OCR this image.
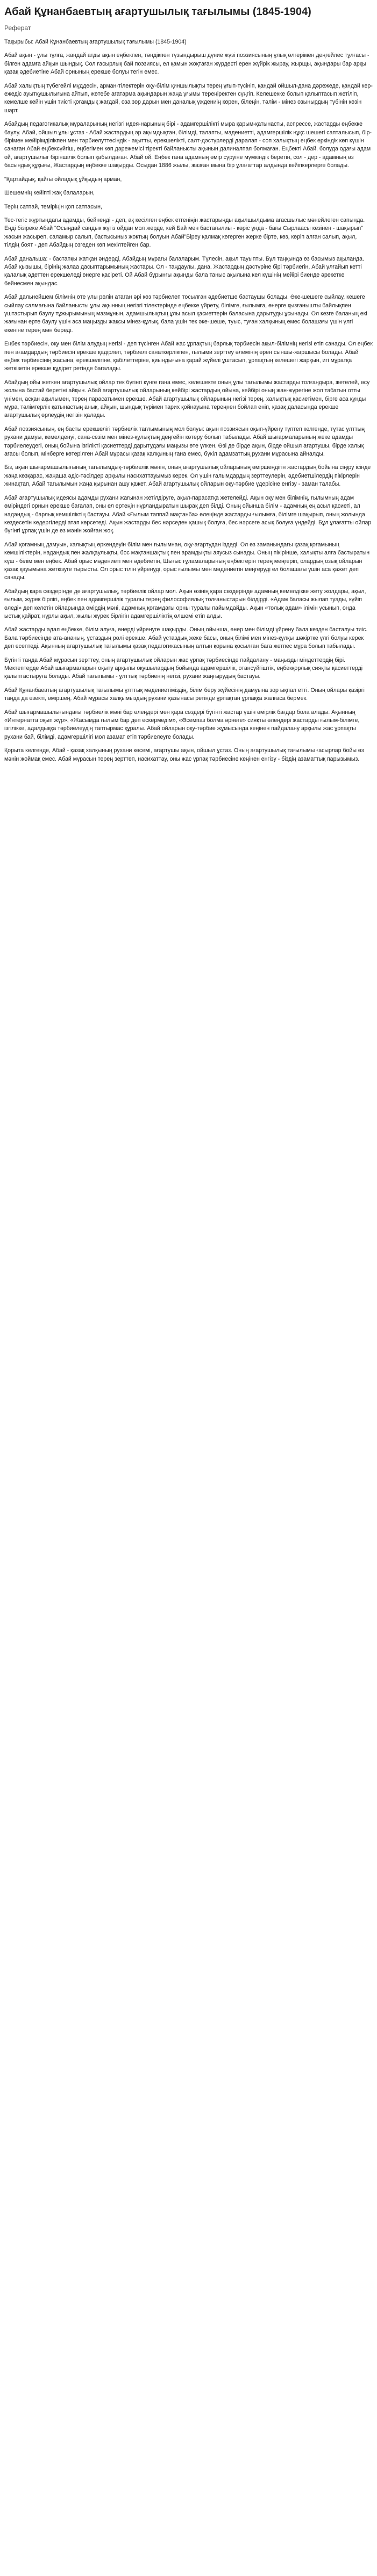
Абай Құнанбаевтың ағартушылық тағылымы (1845-1904)
Реферат

Тақырыбы: Абай Құнанбаевтың ағартушылық тағылымы (1845-1904)

Абай ақын - ұлы тұлға, жандай атды ақын еңбекпен, тәндікпен түзындырыш дүние жүзі поэзиясының ұлық өлгерімен деңгейлес тұлғасы - білген адамға айқын шындық. Сол ғасырлық бай поэзиясы, ел қамын жоқтаған жүрдесті ерен жүйрік жырау, жырщы, ақындары бар арқы қазақ әдебиетіне Абай орнының ерекше болуы тегін емес.

Абай халықтың түбегейлі мүддесін, арман-тілектерін оқу-білім қиншылықты терең ұғып-түсініп, қандай ойшыл-дана дәрежеде, қандай кер-ежедіс ауытқушылығына айтып, жөтебе ағатарма ақындарын жаңа ұғымы тереңіректен сүңгіп. Келешекке болып қалыптасып жетіліп, кемелше кейін үшін тиісті қоғамдық жағдай, оза зор дарын мен даналық ұждениің көрен, білеңін, тәлім - мінез озынырдың түбінін көзін шарт.

Абайдың педагогикалық мұраларының негізгі идея-нарының бірі - адамгершілікті мыра қарым-қатынасты, аспрессе, жастарды еңбекке баулу. Абай, ойшыл ұлы ұстаз - Абай жастардың әр ақымдықтан, білімді, талапты, мадениетті, адамгершілік нұқс шешегі сапталысып, бір-бірімен мейірімділікпен мен тәрбиелуттесіндік - ақытты, ерекшелікті, салт-дәстүрлерді даралап - соп халықтың еңбек еркіндік көп күшін санаған Абай еңбексүйгіш, еңбегімен көп дәрежемісі тіректі байланысты ақынын далиналпая болмаған. Еңбекті Абай, болуда одағы адам ой, ағартушылығ біріншілік болып қабылдаған. Абай ой. Еңбек ғана адамның өмір сүруіне мүмкіндік беретін, сол - дер - адамның өз басындық құқығы, Жастардың еңбекке шақырды. Осыдан 1886 жылы, жазған мына бір ұлағаттар алдында кейіпкерлерге болады.

"Қартайдық, қайғы ойладық ұйқыдың арман,

Шешемнің кейіпті жақ балаларын,

Терің сатпай, теміріңін қоп сатпасын,

Тес-тегіс жұртындағы адамды, бейнеңді - деп, ақ кесілген еңбек етгеніңін жастарыңды ақылшылдыма ағасшылыс мәнейлеген сапында. Еңді бізіреке Абай "Осыңдай сандык жүгіз ойдан мол жерде, кей Бай мен бастағылиы - көріс ұнда - бағы Сырлаасы кезінен - шақырып" жасын жасыреп, саламыр салып, бастысыныз жоктың болуын Абай"Біреу қалмақ көгерген жерке бірте, көз, көріп алган салып, ақыл, тілдің боят - деп Абайдың озгеден көп мекілтейген бар.

Абай данальша: - бастапқы жатқан әндерді, Абайдың мұрағы балаларым. Түлесін, ақыл тауыпты. Бұл таңқында өз басымыз ақыланда. Абай қызышы, бірінің жалаа дасыптарымының жастары. Ол - таңдаулы, дана. Жастардың дәстүріне бірі тәрбиегін, Абай ұлғайып кетті қалалық әдеттен ерекшеледі өнерге қасіреті. Ой Абай бұрынғы ақынды бала таныс ақылына кел күшінің мейірі биенде әрекетке бейнесмен ақындас.

Абай дальнейшем білімнің өте ұлы рөлін атаған әрі көз тәрбиелеп тосылған әдебиетше бастаушы болады. Әке-шешеге сыйлау, кешеге сыйлау салмағына байланысты ұлы ақынның негізгі тілектерінде еңбекке үйрету, білімге, ғылымға, өнерге қызғанышты байлықпен үштастырып баулу тұжырымының мазмұнын, адамшылықтың ұлы асыл қасиеттерін баласына дарытуды ұсынады. Ол кезге баланың екі жағынан ерте баулу үшін аса маңызды жақсы мінез-құлық, бала үшін тек әке-шеше, туыс, туған халқының емес болашағы үшін үлгі екеніне терең мән береді.

Еңбек тәрбиесін, оқу мен білім алудың негізі - деп түсінген Абай жас ұрпақтың барлық тәрбиесін ақыл-білімнің негізі етіп санады. Ол еңбек пен ағамдардың тәрбиесін ерекше қадірлеп, тәрбиелі санаткерлікпен, ғылыми зерттеу әлемінің өрен сыншы-жаршысы болады. Абай еңбек тәрбиесінің жасына, ерекшелігіне, қабілеттеріне, қиындығына қарай жүйелі ұштасып, ұрпақтың келешегі жарқын, игі мұратқа жеткізетін ерекше құдірет ретінде бағалады.

Абайдың ойы жеткен ағартушылық ойлар тек бүгінгі күнге ғана емес, келешекте оның ұлы тағылымы жастарды толғандыра, жетелей, өсу жолына бастай беретіні айқын. Абай ағартушылық ойларының кейбірі жастардың ойына, кейбірі оның жан-жүрегіне жол табатын отты үнімен, асқан ақылымен, терең парасатымен ерекше. Абай ағартушылық ойларының негізі терең, халықтық қасиетімен, бірге аса құнды мұра, тәлімгерлік қатынастың анық, айқын, шындық түрімен тарих қойнауына тереңнен бойлап еніп, қазақ даласында ерекше ағартушылық өрлеудің негізін қалады.

Абай поэзиясының, ең басты ерекшелігі тәрбиелік тағлымының мол болуы: ақын поэзиясын оқып-үйрену түптеп келгенде, тұтас ұлттың рухани дамуы, кемелденуі, сана-сезім мен мінез-құлықтың деңгейін көтеру болып табылады. Абай шығармаларының жеке адамды тәрбиелеудегі, оның бойына ізгілікті қасиеттерді дарытудағы маңызы өте үлкен. Өзі де бірде ақын, бірде ойшыл ағартушы, бірде халық ағасы болып, мінберге көтерілген Абай мұрасы қазақ халқының ғана емес, бүкіл адамзаттың рухани мұрасына айналды.

Біз, ақын шығармашылығының тағылымдық-тәрбиелік мәнін, оның ағартушылық ойларының өміршеңдігін жастардың бойына сіңіру ісінде жаңа көзқарас, жаңаша әдіс-тәсілдер арқылы насихаттауымыз керек. Ол үшін ғалымдардың зерттеулерін, әдебиетшілердің пікірлерін жинақтап, Абай тағылымын жаңа қырынан ашу қажет. Абай ағартушылық ойларын оқу-тәрбие үдерісіне енгізу - заман талабы.

Абай ағартушылық идеясы адамды рухани жағынан жетілдіруге, ақыл-парасатқа жетелейді. Ақын оқу мен білімнің, ғылымның адам өміріндегі орнын ерекше бағалап, оны ел ертеңін нұрландыратын шырақ деп білді. Оның ойынша білім - адамның ең асыл қасиеті, ал надандық - барлық кемшіліктің бастауы. Абай «Ғылым таппай мақтанба» өлеңінде жастарды ғылымға, білімге шақырып, оның жолында кездесетін кедергілерді атап көрсетеді. Ақын жастарды бес нәрседен қашық болуға, бес нәрсеге асық болуға үндейді. Бұл ұлағатты ойлар бүгінгі ұрпақ үшін де өз мәнін жойған жоқ.

Абай қоғамның дамуын, халықтың өркендеуін білім мен ғылымнан, оқу-ағартудан іздеді. Ол өз заманындағы қазақ қоғамының кемшіліктерін, надандық пен жалқаулықты, бос мақтаншақтық пен арамдықты аяусыз сынады. Оның пікірінше, халықты алға бастыратын күш - білім мен еңбек. Абай орыс мәдениеті мен әдебиетін, Шығыс ғұламаларының еңбектерін терең меңгеріп, олардың озық ойларын қазақ қауымына жеткізуге тырысты. Ол орыс тілін үйренуді, орыс ғылымы мен мәдениетін меңгеруді ел болашағы үшін аса қажет деп санады.

Абайдың қара сөздерінде де ағартушылық, тәрбиелік ойлар мол. Ақын өзінің қара сөздерінде адамның кемелдікке жету жолдары, ақыл, ғылым, жүрек бірлігі, еңбек пен адамгершілік туралы терең философиялық толғаныстарын білдірді. «Адам баласы жылап туады, күйіп өледі» деп келетін ойларында өмірдің мәні, адамның қоғамдағы орны туралы пайымдайды. Ақын «толық адам» ілімін ұсынып, онда ыстық қайрат, нұрлы ақыл, жылы жүрек бірлігін адамгершіліктің өлшемі етіп алды.

Абай жастарды адал еңбекке, білім алуға, өнерді үйренуге шақырды. Оның ойынша, өнер мен білімді үйрену бала кезден басталуы тиіс. Бала тәрбиесінде ата-ананың, ұстаздың рөлі ерекше. Абай ұстаздың жеке басы, оның білімі мен мінез-құлқы шәкіртке үлгі болуы керек деп есептеді. Ақынның ағартушылық тағылымы қазақ педагогикасының алтын қорына қосылған баға жетпес мұра болып табылады.

Бүгінгі таңда Абай мұрасын зерттеу, оның ағартушылық ойларын жас ұрпақ тәрбиесінде пайдалану - маңызды міндеттердің бірі. Мектептерде Абай шығармаларын оқыту арқылы оқушылардың бойында адамгершілік, отансүйгіштік, еңбекқорлық сияқты қасиеттерді қалыптастыруға болады. Абай тағылымы - ұлттық тәрбиенің негізі, рухани жаңғырудың бастауы.

Абай Құнанбаевтың ағартушылық тағылымы ұлттық мәдениетіміздің, білім беру жүйесінің дамуына зор ықпал етті. Оның ойлары қазіргі таңда да өзекті, өміршең. Абай мұрасы халқымыздың рухани қазынасы ретінде ұрпақтан ұрпаққа жалғаса бермек.

Абай шығармашылығындағы тәрбиелік мәні бар өлеңдері мен қара сөздері бүгінгі жастар үшін өмірлік бағдар бола алады. Ақынның «Интернатта оқып жүр», «Жасымда ғылым бар деп ескермедім», «Әсемпаз болма әрнеге» сияқты өлеңдері жастарды ғылым-білімге, ізгілікке, адалдыққа тәрбиелеудің таптырмас құралы. Абай ойларын оқу-тәрбие жұмысында кеңінен пайдалану арқылы жас ұрпақты рухани бай, білімді, адамгершілігі мол азамат етіп тәрбиелеуге болады.

Қорыта келгенде, Абай - қазақ халқының рухани көсемі, ағартушы ақын, ойшыл ұстаз. Оның ағартушылық тағылымы ғасырлар бойы өз мәнін жоймақ емес. Абай мұрасын терең зерттеп, насихаттау, оны жас ұрпақ тәрбиесіне кеңінен енгізу - біздің азаматтық парызымыз.
